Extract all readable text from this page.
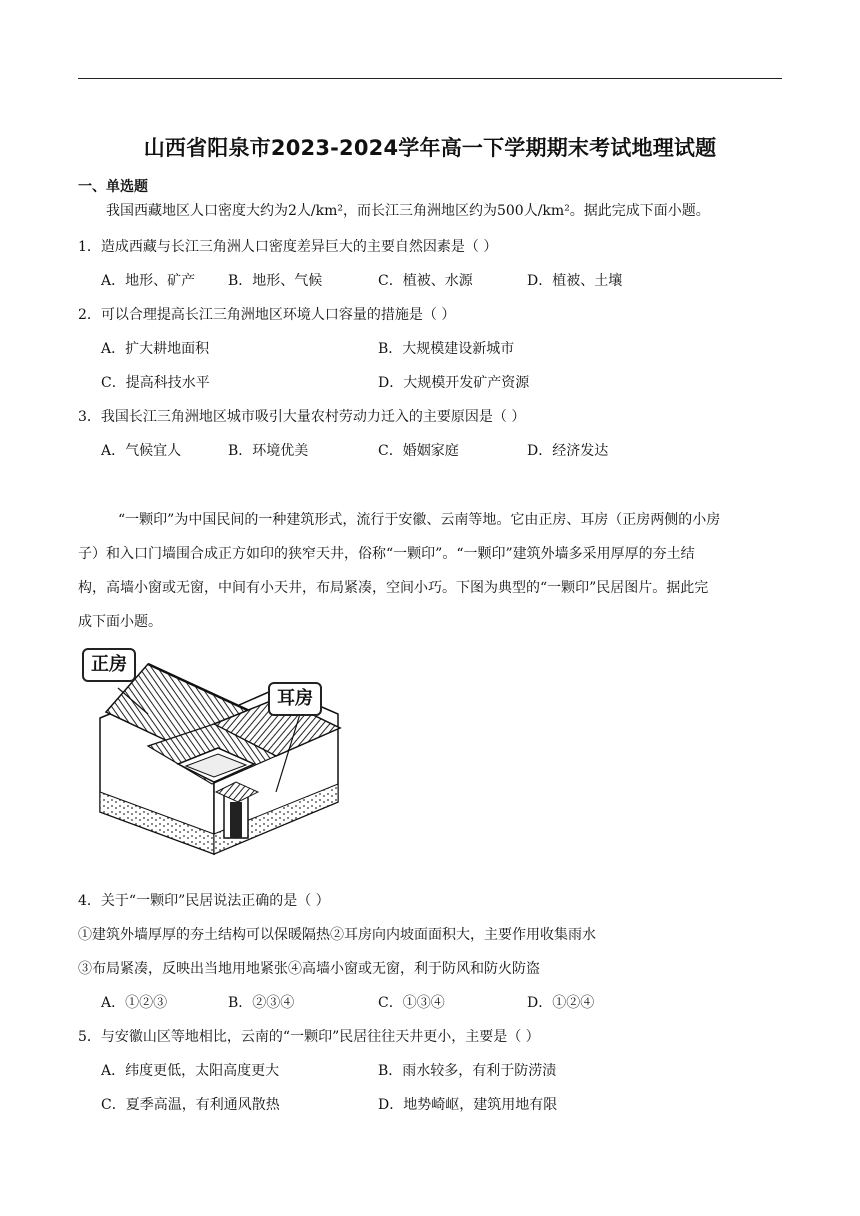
山西省阳泉市2023-2024学年高一下学期期末考试地理试题
一、单选题
我国西藏地区人口密度大约为2人/km²，而长江三角洲地区约为500人/km²。据此完成下面小题。
1．造成西藏与长江三角洲人口密度差异巨大的主要自然因素是（ ）
A．地形、矿产 B．地形、气候	C．植被、水源	D．植被、土壤
2．可以合理提高长江三角洲地区环境人口容量的措施是（ ）
A．扩大耕地面积	B．大规模建设新城市
C．提高科技水平	D．大规模开发矿产资源
3．我国长江三角洲地区城市吸引大量农村劳动力迁入的主要原因是（ ）
A．气候宜人	B．环境优美	C．婚姻家庭	D．经济发达
“一颗印”为中国民间的一种建筑形式，流行于安徽、云南等地。它由正房、耳房（正房两侧的小房
子）和入口门墙围合成正方如印的狭窄天井，俗称“一颗印”。“一颗印”建筑外墙多采用厚厚的夯土结
构，高墙小窗或无窗，中间有小天井，布局紧凑，空间小巧。下图为典型的“一颗印”民居图片。据此完
成下面小题。
正房
耳房
4．关于“一颗印”民居说法正确的是（ ）
①建筑外墙厚厚的夯土结构可以保暖隔热②耳房向内坡面面积大，主要作用收集雨水
③布局紧凑，反映出当地用地紧张④高墙小窗或无窗，利于防风和防火防盗
A．①②③	B．②③④	C．①③④	D．①②④
5．与安徽山区等地相比，云南的“一颗印”民居往往天井更小，主要是（ ）
A．纬度更低，太阳高度更大	B．雨水较多，有利于防涝渍
C．夏季高温，有利通风散热	D．地势崎岖，建筑用地有限
